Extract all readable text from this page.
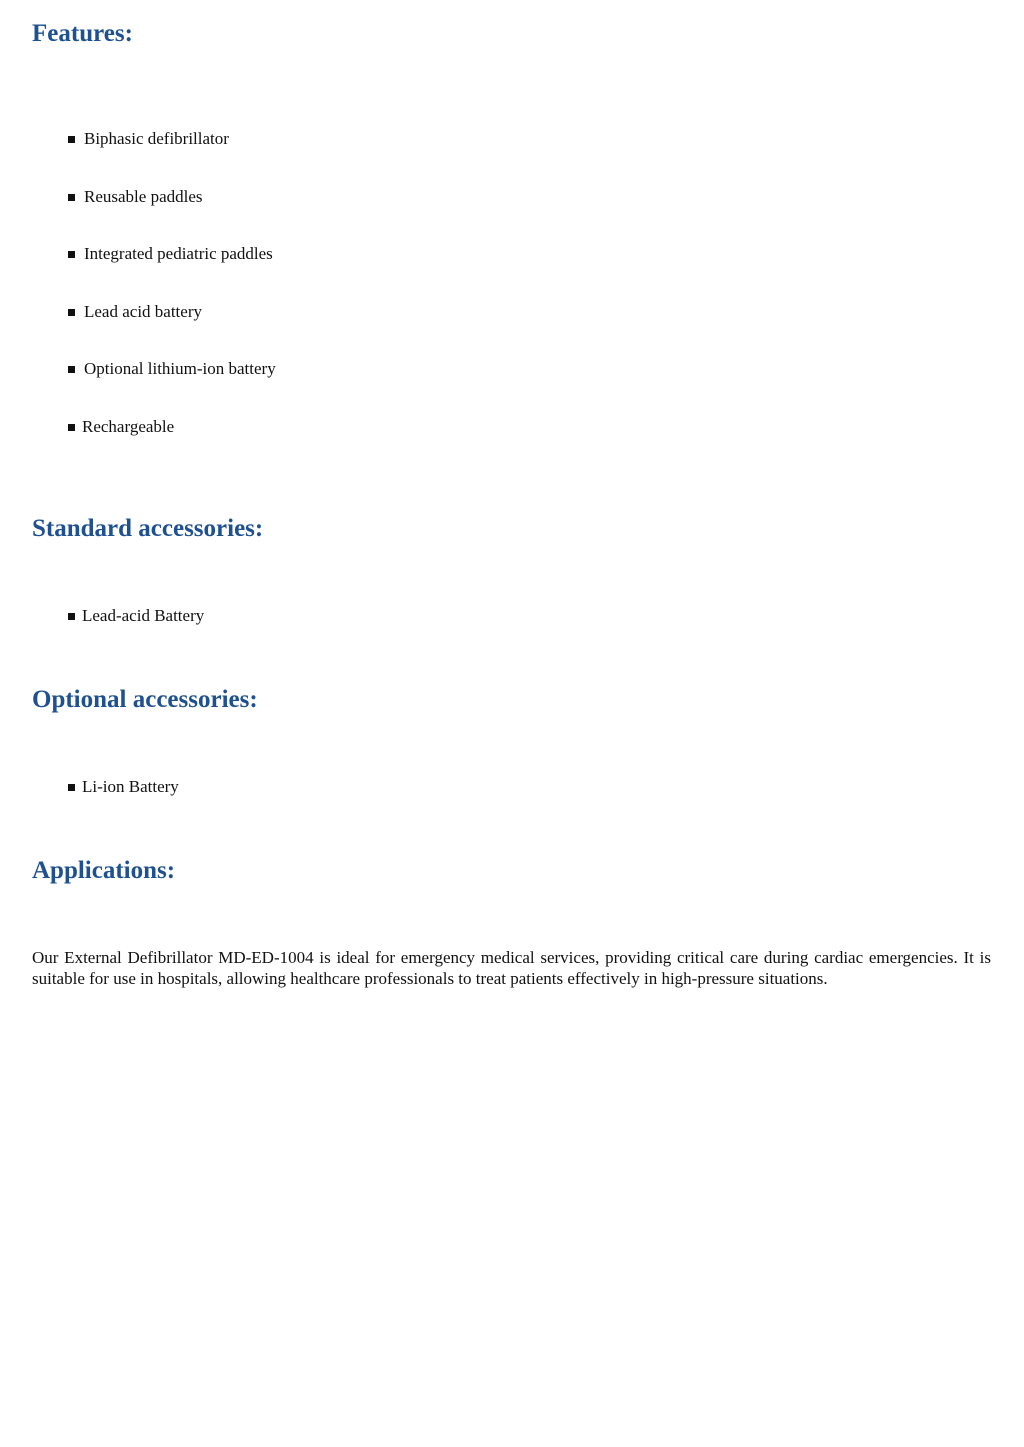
Features:
Biphasic defibrillator
Reusable paddles
Integrated pediatric paddles
Lead acid battery
Optional lithium-ion battery
Rechargeable
Standard accessories:
Lead-acid Battery
Optional accessories:
Li-ion Battery
Applications:

Our External Defibrillator MD-ED-1004 is ideal for emergency medical services, providing critical care during cardiac emergencies. It is suitable for use in hospitals, allowing healthcare professionals to treat patients effectively in high-pressure situations.
